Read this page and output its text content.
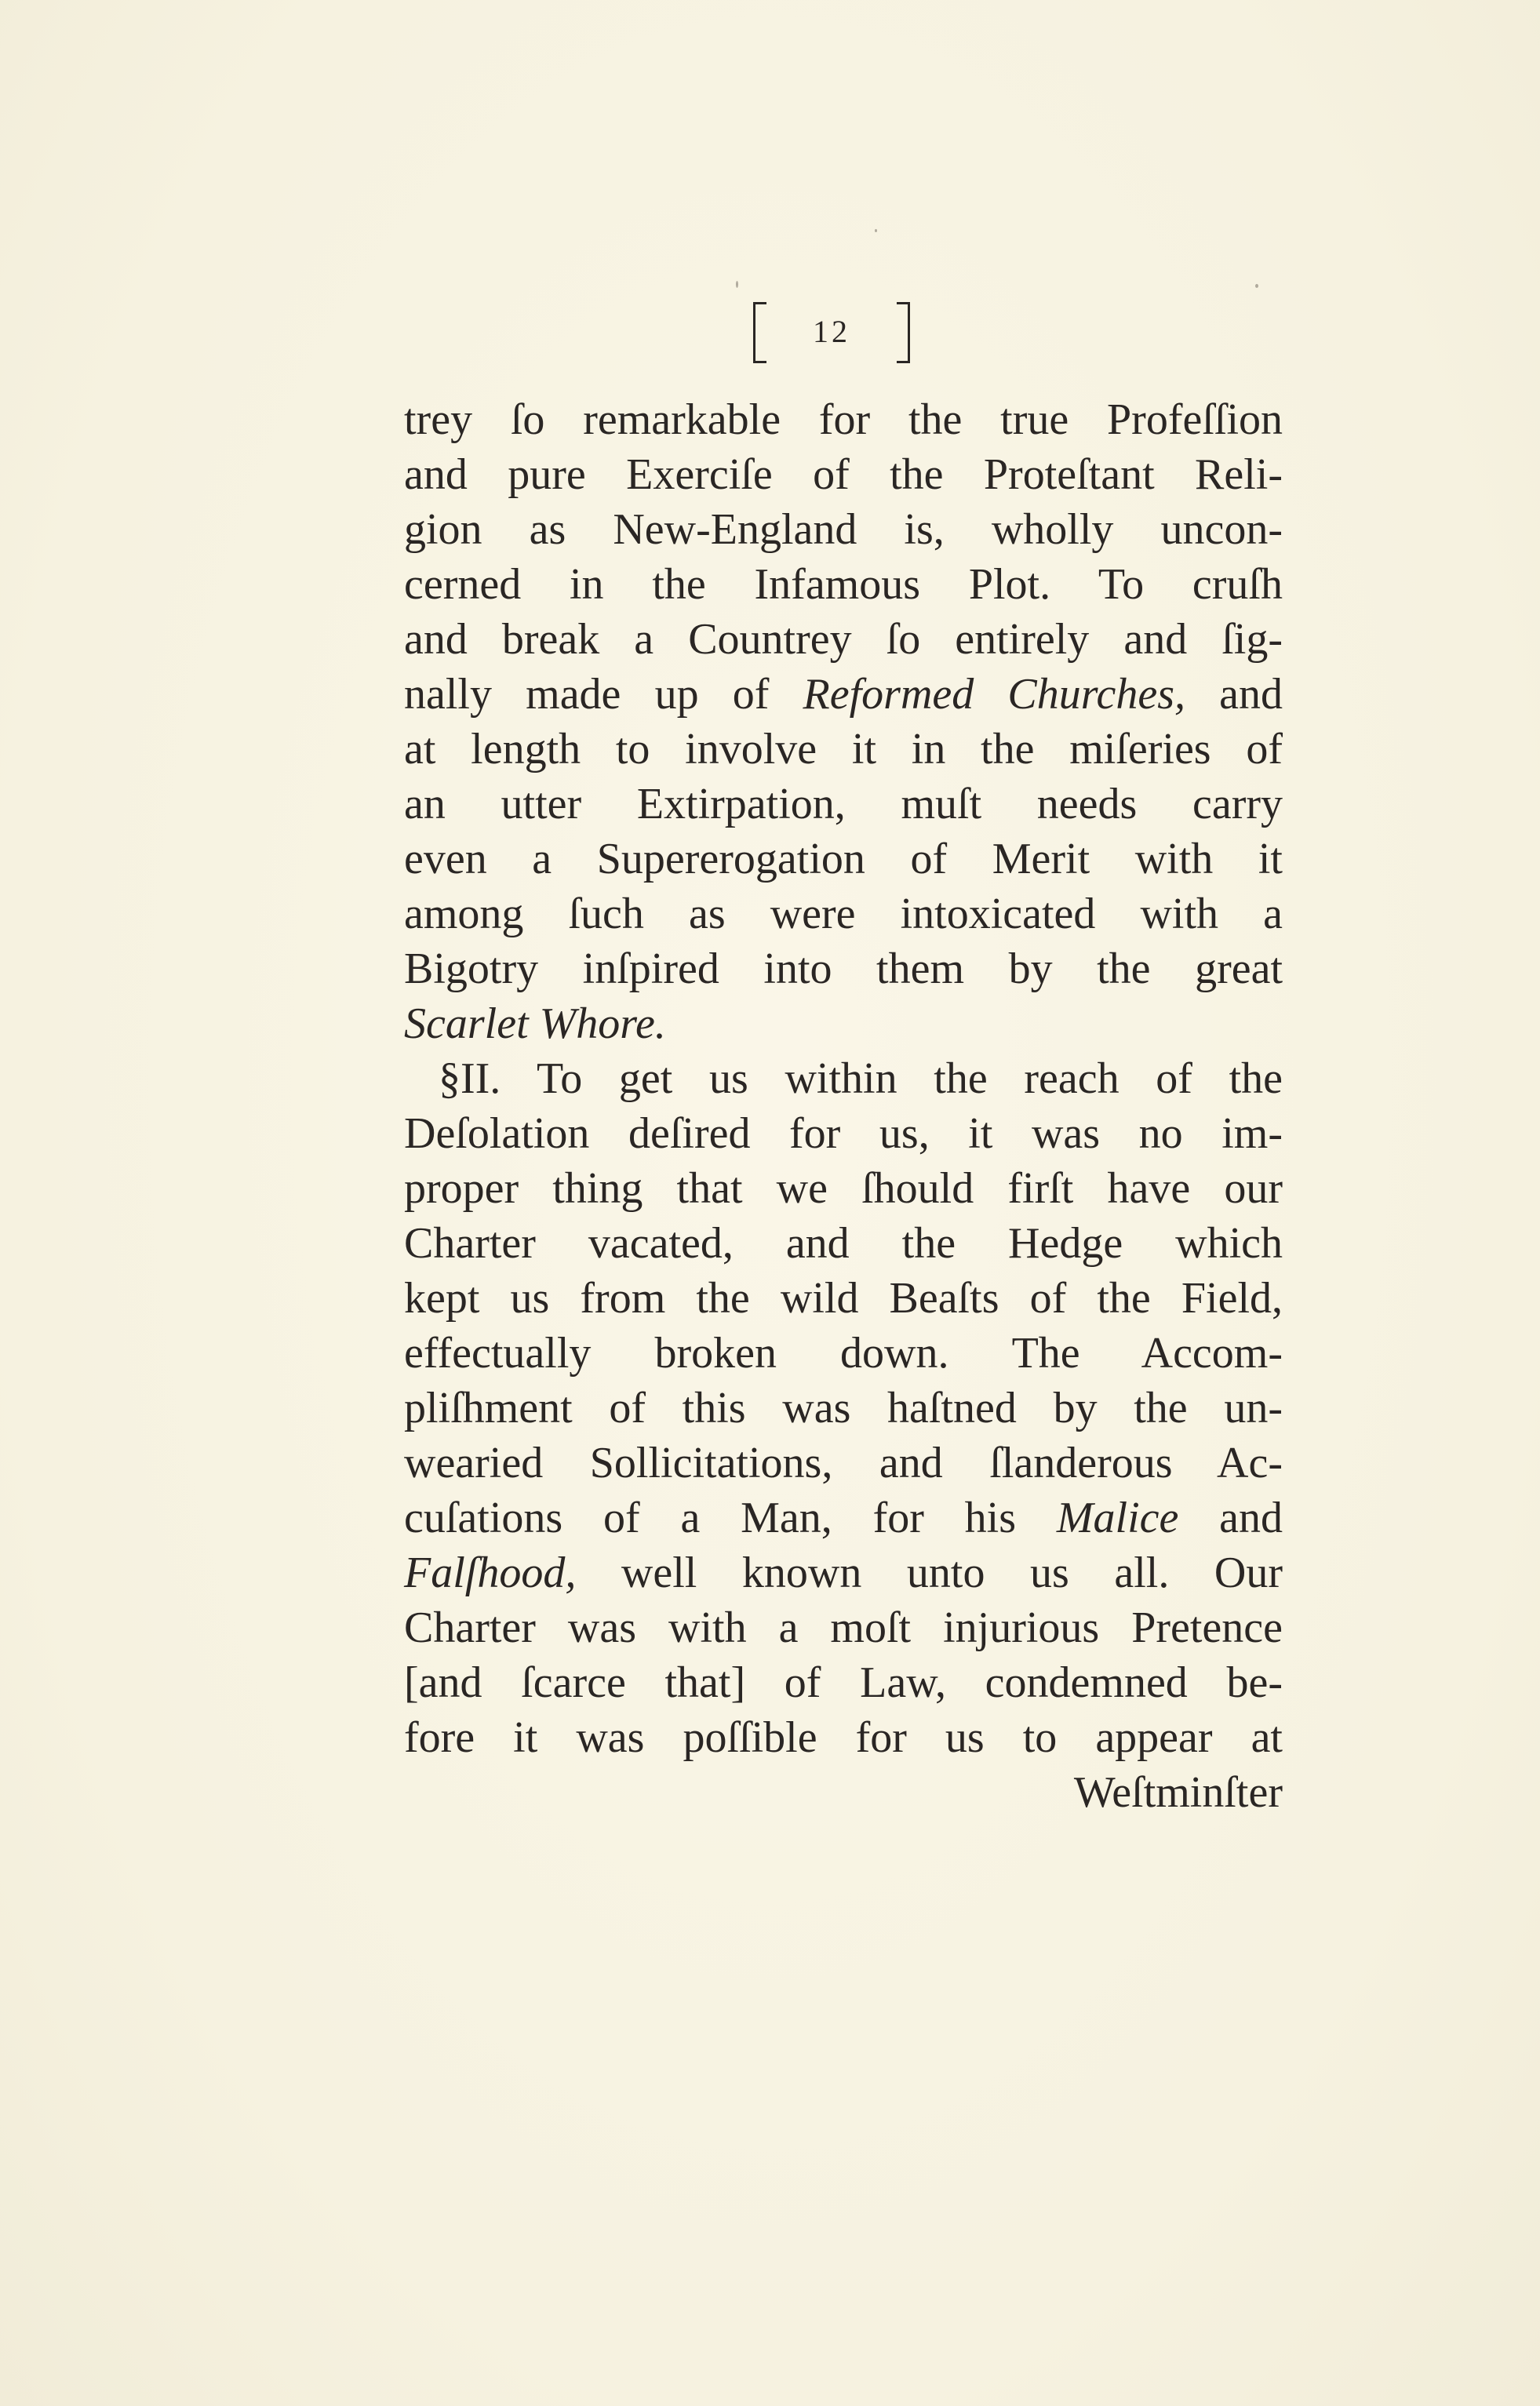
12
trey ſo remarkable for the true Profeſſion
and pure Exerciſe of the Proteſtant Reli-
gion as New-England is, wholly uncon-
cerned in the Infamous Plot. To cruſh
and break a Countrey ſo entirely and ſig-
nally made up of Reformed Churches, and
at length to involve it in the miſeries of
an utter Extirpation, muſt needs carry
even a Supererogation of Merit with it
among ſuch as were intoxicated with a
Bigotry inſpired into them by the great
Scarlet Whore.
§II. To get us within the reach of the
Deſolation deſired for us, it was no im-
proper thing that we ſhould firſt have our
Charter vacated, and the Hedge which
kept us from the wild Beaſts of the Field,
effectually broken down. The Accom-
pliſhment of this was haſtned by the un-
wearied Sollicitations, and ſlanderous Ac-
cuſations of a Man, for his Malice and
Falſhood, well known unto us all. Our
Charter was with a moſt injurious Pretence
[and ſcarce that] of Law, condemned be-
fore it was poſſible for us to appear at
Weſtminſter
